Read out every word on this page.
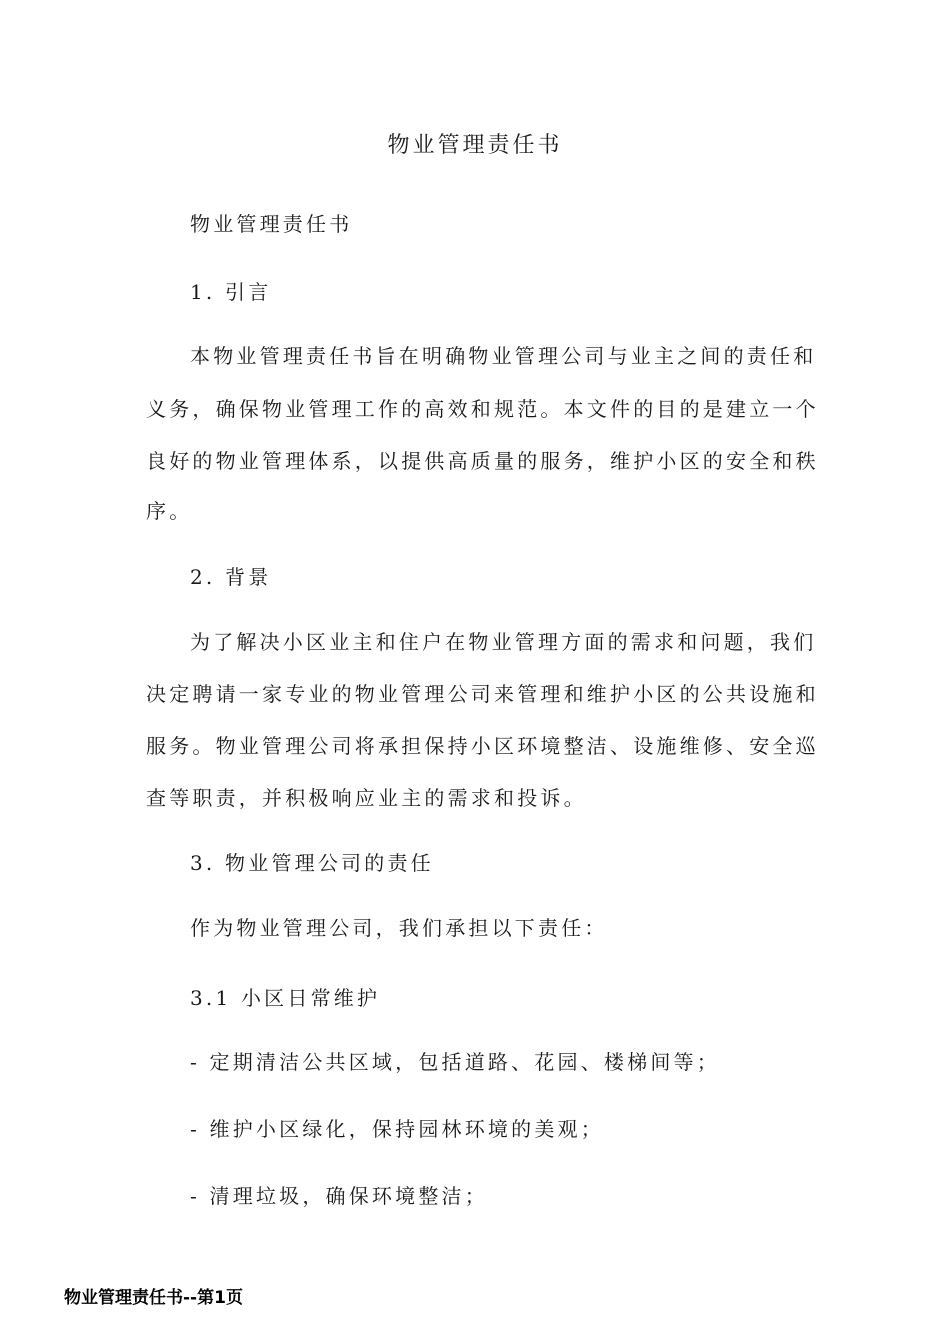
物业管理责任书
物业管理责任书
1. 引言
本物业管理责任书旨在明确物业管理公司与业主之间的责任和
义务，确保物业管理工作的高效和规范。本文件的目的是建立一个
良好的物业管理体系，以提供高质量的服务，维护小区的安全和秩
序。
2. 背景
为了解决小区业主和住户在物业管理方面的需求和问题，我们
决定聘请一家专业的物业管理公司来管理和维护小区的公共设施和
服务。物业管理公司将承担保持小区环境整洁、设施维修、安全巡
查等职责，并积极响应业主的需求和投诉。
3. 物业管理公司的责任
作为物业管理公司，我们承担以下责任：
3.1 小区日常维护
- 定期清洁公共区域，包括道路、花园、楼梯间等；
- 维护小区绿化，保持园林环境的美观；
- 清理垃圾，确保环境整洁；
物业管理责任书--第1页
